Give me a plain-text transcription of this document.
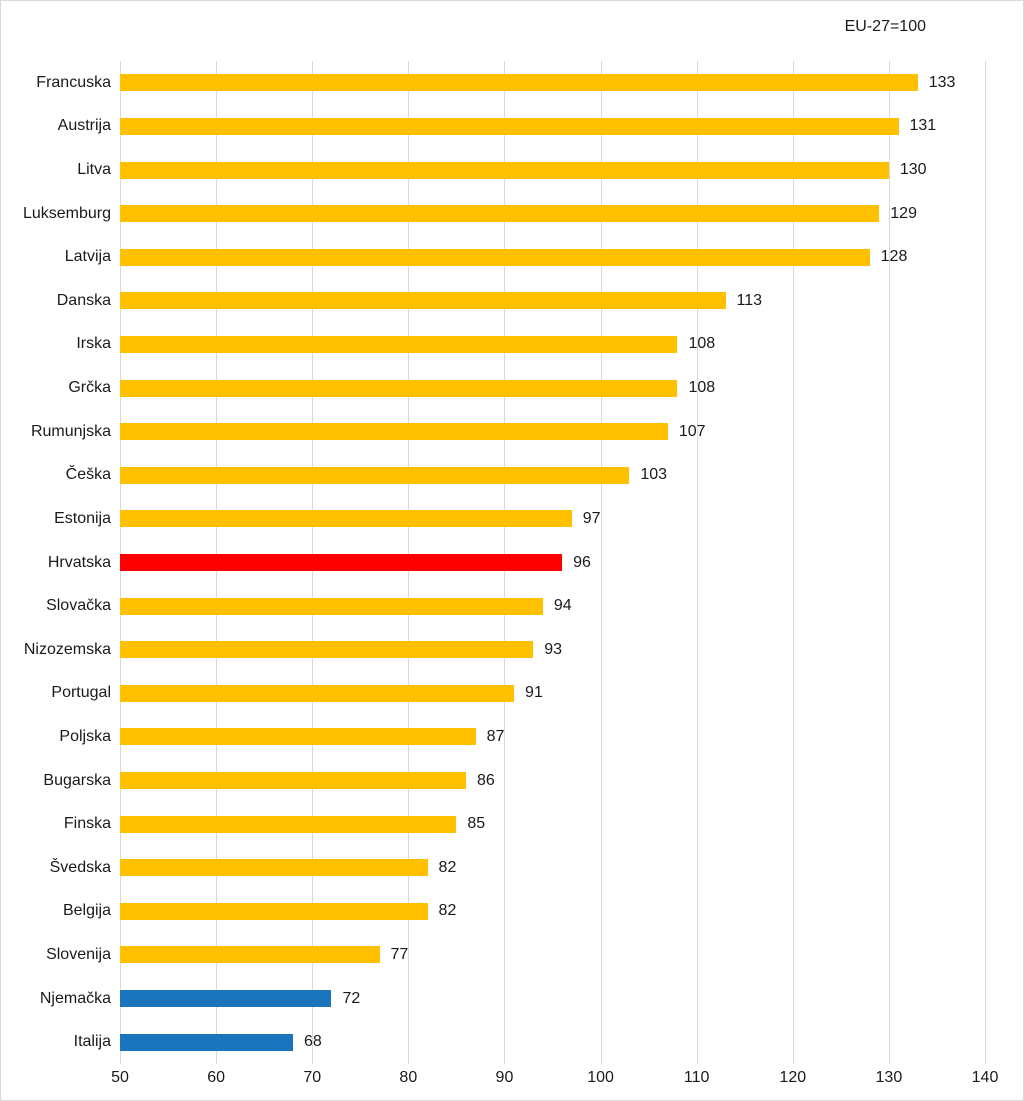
EU-27=100
Francuska	133
Austrija	131
Litva	130
Luksemburg	129
Latvija	128
Danska	113
Irska	108
Grčka	108
Rumunjska	107
Češka	103
Estonija	97
Hrvatska	96
Slovačka	94
Nizozemska	93
Portugal	91
Poljska	87
Bugarska	86
Finska	85
Švedska	82
Belgija	82
Slovenija	77
Njemačka	72
Italija	68
50	60	70	80	90	100	110	120	130	140
